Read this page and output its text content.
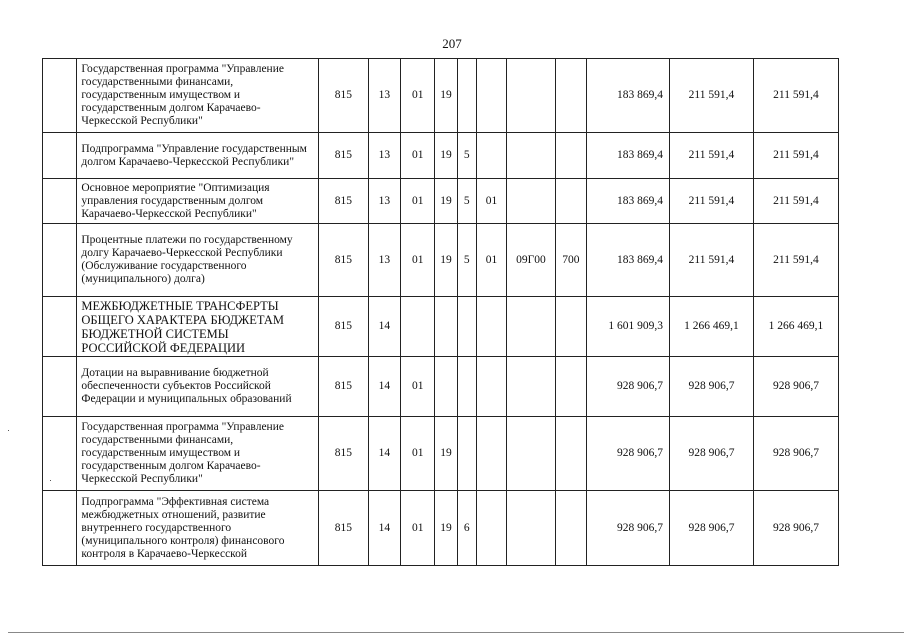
207
	Государственная программа "Управление государственными финансами, государственным имуществом и государственным долгом Карачаево-Черкесской Республики"	815	13	01	19					183 869,4	211 591,4	211 591,4
	Подпрограмма "Управление государственным долгом Карачаево-Черкесской Республики"	815	13	01	19	5				183 869,4	211 591,4	211 591,4
	Основное мероприятие "Оптимизация управления государственным долгом Карачаево-Черкесской Республики"	815	13	01	19	5	01			183 869,4	211 591,4	211 591,4
	Процентные платежи по государственному долгу Карачаево-Черкесской Республики (Обслуживание государственного (муниципального) долга)	815	13	01	19	5	01	09Г00	700	183 869,4	211 591,4	211 591,4
	МЕЖБЮДЖЕТНЫЕ ТРАНСФЕРТЫ ОБЩЕГО ХАРАКТЕРА БЮДЖЕТАМ БЮДЖЕТНОЙ СИСТЕМЫ РОССИЙСКОЙ ФЕДЕРАЦИИ	815	14							1 601 909,3	1 266 469,1	1 266 469,1
	Дотации на выравнивание бюджетной обеспеченности субъектов Российской Федерации и муниципальных образований	815	14	01						928 906,7	928 906,7	928 906,7
	Государственная программа "Управление государственными финансами, государственным имуществом и государственным долгом Карачаево-Черкесской Республики"	815	14	01	19					928 906,7	928 906,7	928 906,7
	Подпрограмма "Эффективная система межбюджетных отношений, развитие внутреннего государственного (муниципального контроля) финансового контроля в Карачаево-Черкесской	815	14	01	19	6				928 906,7	928 906,7	928 906,7
